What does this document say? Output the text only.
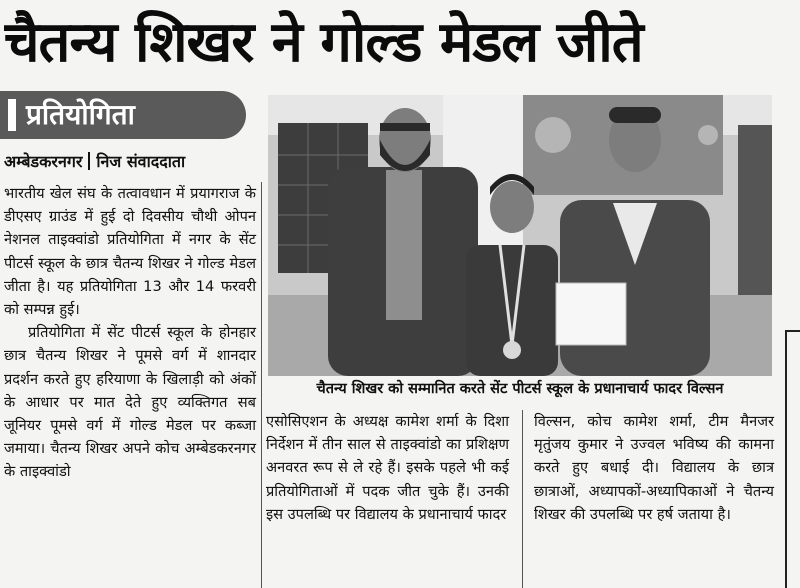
चैतन्य शिखर ने गोल्ड मेडल जीते
प्रतियोगिता
अम्बेडकरनगर निज संवाददाता

भारतीय खेल संघ के तत्वावधान में प्रयागराज के डीएसए ग्राउंड में हुई दो दिवसीय चौथी ओपन नेशनल ताइक्वांडो प्रतियोगिता में नगर के सेंट पीटर्स स्कूल के छात्र चैतन्य शिखर ने गोल्ड मेडल जीता है। यह प्रतियोगिता 13 और 14 फरवरी को सम्पन्न हुई।

प्रतियोगिता में सेंट पीटर्स स्कूल के होनहार छात्र चैतन्य शिखर ने पूमसे वर्ग में शानदार प्रदर्शन करते हुए हरियाणा के खिलाड़ी को अंकों के आधार पर मात देते हुए व्यक्तिगत सब जूनियर पूमसे वर्ग में गोल्ड मेडल पर कब्जा जमाया। चैतन्य शिखर अपने कोच अम्बेडकरनगर के ताइक्वांडो

चैतन्य शिखर को सम्मानित करते सेंट पीटर्स स्कूल के प्रधानाचार्य फादर विल्सन
एसोसिएशन के अध्यक्ष कामेश शर्मा के दिशा निर्देशन में तीन साल से ताइक्वांडो का प्रशिक्षण अनवरत रूप से ले रहे हैं। इसके पहले भी कई प्रतियोगिताओं में पदक जीत चुके हैं। उनकी इस उपलब्धि पर विद्यालय के प्रधानाचार्य फादर
विल्सन, कोच कामेश शर्मा, टीम मैनजर मृतुंजय कुमार ने उज्वल भविष्य की कामना करते हुए बधाई दी। विद्यालय के छात्र छात्राओं, अध्यापकों-अध्यापिकाओं ने चैतन्य शिखर की उपलब्धि पर हर्ष जताया है।
